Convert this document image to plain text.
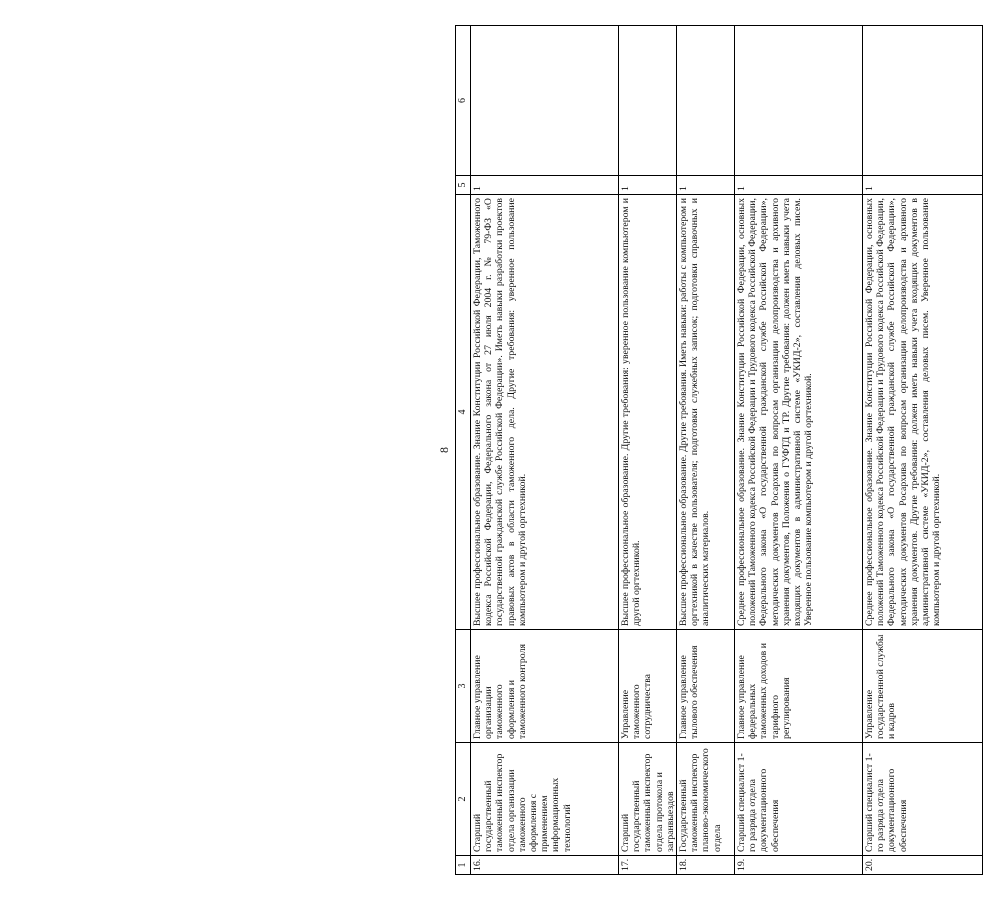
8
1	2	3	4	5	6
16.	Старший государственный таможенный инспектор отдела организации таможенного оформления с применением информационных технологий	Главное управление организации таможенного оформления и таможенного контроля	Высшее профессиональное образование. Знание Конституции Российской Федерации, Таможенного кодекса Российской Федерации, Федерального закона от 27 июля 2004 г. № 79-ФЗ «О государственной гражданской службе Российской Федерации». Иметь навыки разработки проектов правовых актов в области таможенного дела. Другие требования: уверенное пользование компьютером и другой оргтехникой.	1	
17.	Старший государственный таможенный инспектор отдела протокола и загранвыездов	Управление таможенного сотрудничества	Высшее профессиональное образование. Другие требования: уверенное пользование компьютером и другой оргтехникой.	1	
18.	Государственный таможенный инспектор планово-экономического отдела	Главное управление тылового обеспечения	Высшее профессиональное образование. Другие требования. Иметь навыки: работы с компьютером и оргтехникой в качестве пользователя; подготовки служебных записок; подготовки справочных и аналитических материалов.	1	
19.	Старший специалист 1-го разряда отдела документационного обеспечения	Главное управление федеральных таможенных доходов и тарифного регулирования	Среднее профессиональное образование. Знание Конституции Российской Федерации, основных положений Таможенного кодекса Российской Федерации и Трудового кодекса Российской Федерации, Федерального закона «О государственной гражданской службе Российской Федерации», методических документов Росархива по вопросам организации делопроизводства и архивного хранения документов, Положения о ГУФТД и ТР. Другие требования: должен иметь навыки учета входящих документов в административной системе «УКИД-2», составления деловых писем. Уверенное пользование компьютером и другой оргтехникой.	1	
20.	Старший специалист 1-го разряда отдела документационного обеспечения	Управление государственной службы и кадров	Среднее профессиональное образование. Знание Конституции Российской Федерации, основных положений Таможенного кодекса Российской Федерации и Трудового кодекса Российской Федерации, Федерального закона «О государственной гражданской службе Российской Федерации», методических документов Росархива по вопросам организации делопроизводства и архивного хранения документов. Другие требования: должен иметь навыки учета входящих документов в административной системе «УКИД-2», составления деловых писем. Уверенное пользование компьютером и другой оргтехникой.	1	
